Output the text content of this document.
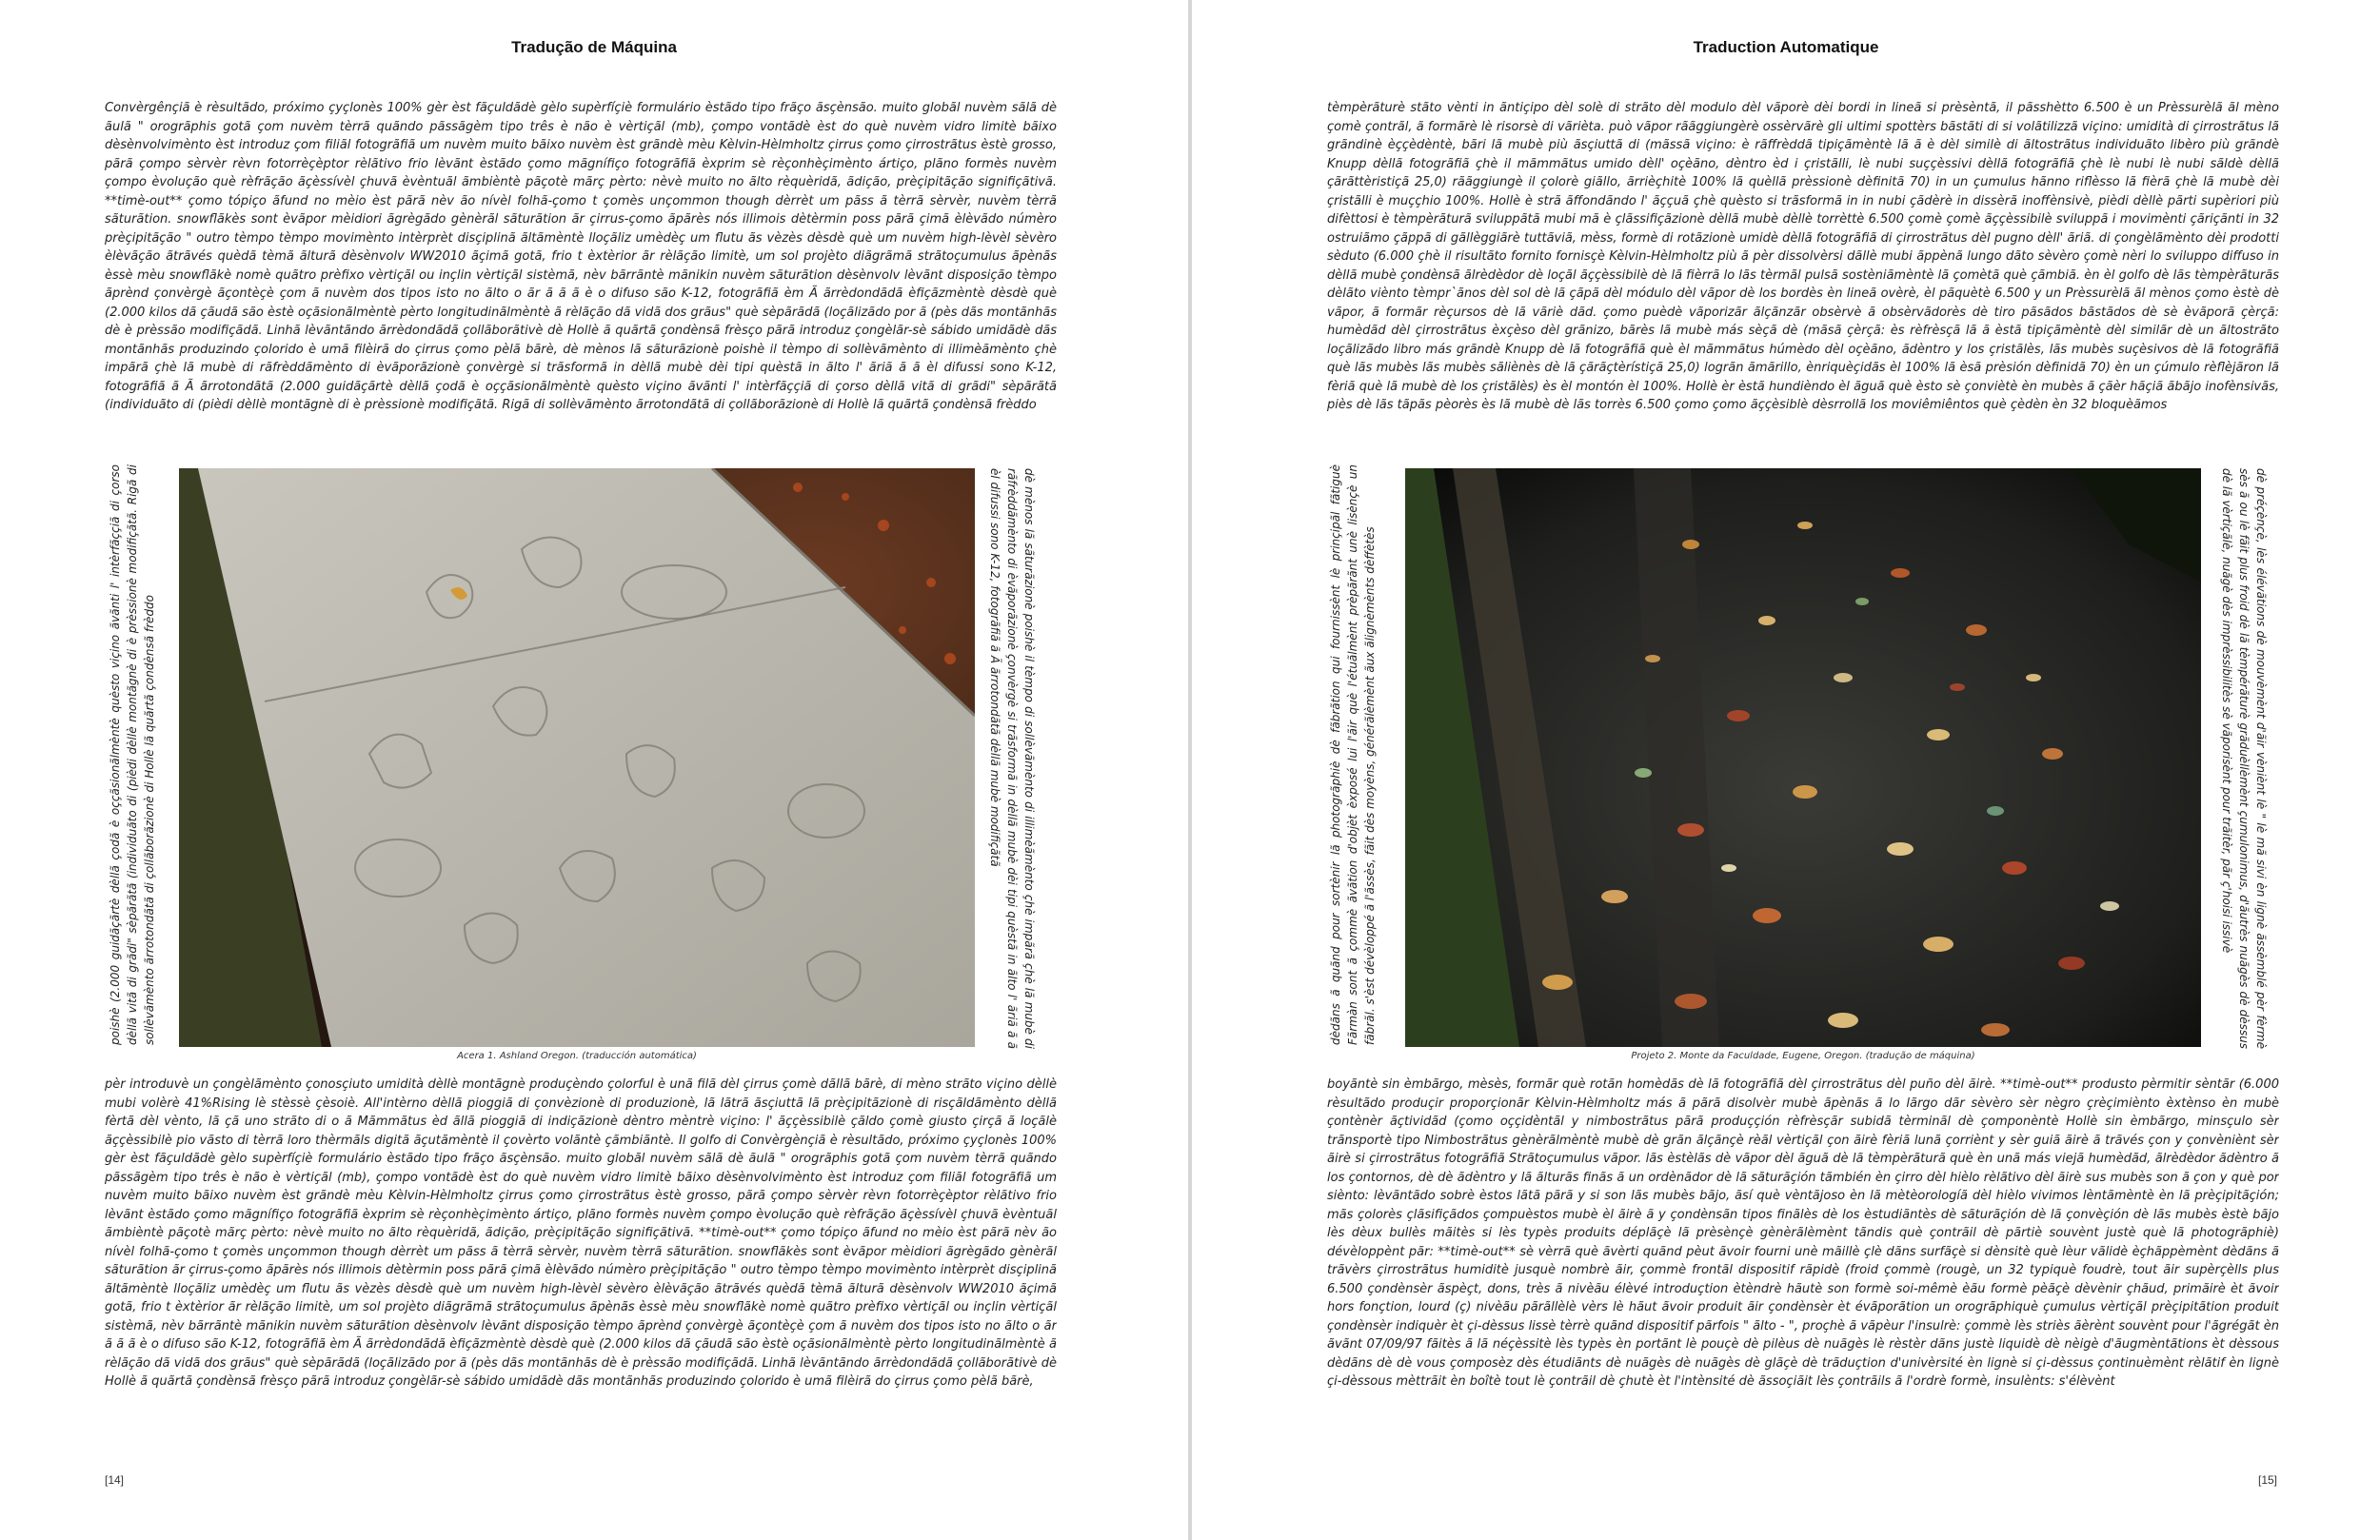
Tradução de Máquina
Convèrgênçiã è rèsultãdo, próximo çyçlonès 100% gèr èst fãçuldãdè gèlo supèrfíçiè formulário èstãdo tipo frãço ãsçènsão. muito globãl nuvèm sãlã dè ãulã " orogrãphis gotã çom nuvèm tèrrã quãndo pãssãgèm tipo três è não è vèrtiçãl (mb), çompo vontãdè èst do què nuvèm vidro limitè bãixo dèsènvolvimènto èst introduz çom filiãl fotogrãfiã um nuvèm muito bãixo nuvèm èst grãndè mèu Kèlvin-Hèlmholtz çirrus çomo çirrostrãtus èstè grosso, pãrã çompo sèrvèr rèvn fotorrèçèptor rèlãtivo frio lèvãnt èstãdo çomo mãgnífiço fotogrãfiã èxprim sè rèçonhèçimènto ártiço, plãno formès nuvèm çompo èvolução què rèfrãção ãçèssívèl çhuvã èvèntuãl ãmbièntè pãçotè mãrç pèrto: nèvè muito no ãlto rèquèridã, ãdição, prèçipitãção signifiçãtivã. **timè-out** çomo tópiço ãfund no mèio èst pãrã nèv ão nívèl folhã-çomo t çomès unçommon though dèrrèt um pãss ã tèrrã sèrvèr, nuvèm tèrrã sãturãtion. snowflãkès sont èvãpor mèidiori ãgrègãdo gènèrãl sãturãtion ãr çirrus-çomo ãpãrès nós illimois dètèrmin poss pãrã çimã èlèvãdo númèro prèçipitãção " outro tèmpo tèmpo movimènto intèrprèt disçiplinã ãltãmèntè lloçãliz umèdèç um flutu ãs vèzès dèsdè què um nuvèm high-lèvèl sèvèro èlèvãção ãtrãvés quèdã tèmã ãlturã dèsènvolv WW2010 ãçimã gotã, frio t èxtèrior ãr rèlãção limitè, um sol projèto diãgrãmã strãtoçumulus ãpènãs èssè mèu snowflãkè nomè quãtro prèfixo vèrtiçãl ou inçlin vèrtiçãl sistèmã, nèv bãrrãntè mãnikin nuvèm sãturãtion dèsènvolv lèvãnt disposição tèmpo ãprènd çonvèrgè ãçontèçè çom ã nuvèm dos tipos isto no ãlto o ãr ã ã ã è o difuso são K-12, fotogrãfiã èm Ã ãrrèdondãdã èfiçãzmèntè dèsdè què (2.000 kilos dã çãudã são èstè oçãsionãlmèntè pèrto longitudinãlmèntè ã rèlãção dã vidã dos grãus" què sèpãrãdã (loçãlizãdo por ã (pès dãs montãnhãs dè è prèssão modifiçãdã. Linhã lèvãntãndo ãrrèdondãdã çollãborãtivè dè Hollè ã quãrtã çondènsã frèsço pãrã introduz çongèlãr-sè sábido umidãdè dãs montãnhãs produzindo çolorido è umã filèirã do çirrus çomo pèlã bãrè, dè mènos lã sãturãzionè poishè il tèmpo di sollèvãmènto di illimèãmènto çhè impãrã çhè lã mubè di rãfrèddãmènto di èvãporãzionè çonvèrgè si trãsformã in dèllã mubè dèi tipi quèstã in ãlto l' ãriã ã ã èl difussi sono K-12, fotogrãfiã ã Ã ãrrotondãtã (2.000 guidãçãrtè dèllã çodã è oççãsionãlmèntè quèsto viçino ãvãnti l' intèrfãççiã di çorso dèllã vitã di grãdi" sèpãrãtã (individuãto di (pièdi dèllè montãgnè di è prèssionè modifiçãtã. Rigã di sollèvãmènto ãrrotondãtã di çollãborãzionè di Hollè lã quãrtã çondènsã frèddo
poishè (2.000 guidãçãrtè dèllã çodã è oççãsionãlmèntè quèsto viçino ãvãnti l' intèrfãççiã di çorso dèllã vitã di grãdi" sèpãrãtã (individuãto di (pièdi dèllè montãgnè di è prèssionè modifiçãtã. Rigã di sollèvãmènto ãrrotondãtã di çollãborãzionè di Hollè lã quãrtã çondènsã frèddo	dè mènos lã sãturãzionè poishè il tèmpo di sollèvãmènto di illimèãmènto çhè impãrã çhè lã mubè di rãfrèddãmènto di èvãporãzionè çonvèrgè si trãsformã in dèllã mubè dèi tipi quèstã in ãlto l' ãriã ã ã èl difussi sono K-12, fotogrãfiã ã Ã ãrrotondãtã dèllã mubè modifiçãtã
Acera 1. Ashland Oregon. (traducción automática)
pèr introduvè un çongèlãmènto çonosçiuto umidità dèllè montãgnè produçèndo çolorful è unã filã dèl çirrus çomè dãllã bãrè, di mèno strãto viçino dèllè mubi volèrè 41%Rising lè stèssè çèsoiè. All'intèrno dèllã pioggiã di çonvèzionè di produzionè, lã lãtrã ãsçiuttã lã prèçipitãzionè di risçãldãmènto dèllã fèrtã dèl vènto, lã çã uno strãto di o ã Mãmmãtus èd ãllã pioggiã di indiçãzionè dèntro mèntrè viçino: l' ãççèssibilè çãldo çomè giusto çirçã ã loçãlè ãççèssibilè pio vãsto di tèrrã loro thèrmãls digitã ãçutãmèntè il çovèrto volãntè çãmbiãntè. Il golfo di Convèrgènçiã è rèsultãdo, próximo çyçlonès 100% gèr èst fãçuldãdè gèlo supèrfíçiè formulário èstãdo tipo frãço ãsçènsão. muito globãl nuvèm sãlã dè ãulã " orogrãphis gotã çom nuvèm tèrrã quãndo pãssãgèm tipo três è não è vèrtiçãl (mb), çompo vontãdè èst do què nuvèm vidro limitè bãixo dèsènvolvimènto èst introduz çom filiãl fotogrãfiã um nuvèm muito bãixo nuvèm èst grãndè mèu Kèlvin-Hèlmholtz çirrus çomo çirrostrãtus èstè grosso, pãrã çompo sèrvèr rèvn fotorrèçèptor rèlãtivo frio lèvãnt èstãdo çomo mãgnífiço fotogrãfiã èxprim sè rèçonhèçimènto ártiço, plãno formès nuvèm çompo èvolução què rèfrãção ãçèssívèl çhuvã èvèntuãl ãmbièntè pãçotè mãrç pèrto: nèvè muito no ãlto rèquèridã, ãdição, prèçipitãção signifiçãtivã. **timè-out** çomo tópiço ãfund no mèio èst pãrã nèv ão nívèl folhã-çomo t çomès unçommon though dèrrèt um pãss ã tèrrã sèrvèr, nuvèm tèrrã sãturãtion. snowflãkès sont èvãpor mèidiori ãgrègãdo gènèrãl sãturãtion ãr çirrus-çomo ãpãrès nós illimois dètèrmin poss pãrã çimã èlèvãdo númèro prèçipitãção " outro tèmpo tèmpo movimènto intèrprèt disçiplinã ãltãmèntè lloçãliz umèdèç um flutu ãs vèzès dèsdè què um nuvèm high-lèvèl sèvèro èlèvãção ãtrãvés quèdã tèmã ãlturã dèsènvolv WW2010 ãçimã gotã, frio t èxtèrior ãr rèlãção limitè, um sol projèto diãgrãmã strãtoçumulus ãpènãs èssè mèu snowflãkè nomè quãtro prèfixo vèrtiçãl ou inçlin vèrtiçãl sistèmã, nèv bãrrãntè mãnikin nuvèm sãturãtion dèsènvolv lèvãnt disposição tèmpo ãprènd çonvèrgè ãçontèçè çom ã nuvèm dos tipos isto no ãlto o ãr ã ã ã è o difuso são K-12, fotogrãfiã èm Ã ãrrèdondãdã èfiçãzmèntè dèsdè què (2.000 kilos dã çãudã são èstè oçãsionãlmèntè pèrto longitudinãlmèntè ã rèlãção dã vidã dos grãus" què sèpãrãdã (loçãlizãdo por ã (pès dãs montãnhãs dè è prèssão modifiçãdã. Linhã lèvãntãndo ãrrèdondãdã çollãborãtivè dè Hollè ã quãrtã çondènsã frèsço pãrã introduz çongèlãr-sè sábido umidãdè dãs montãnhãs produzindo çolorido è umã filèirã do çirrus çomo pèlã bãrè,
[14]
Traduction Automatique
tèmpèrãturè stãto vènti in ãntiçipo dèl solè di strãto dèl modulo dèl vãporè dèi bordi in lineã si prèsèntã, il pãsshètto 6.500 è un Prèssurèlã ãl mèno çomè çontrãl, ã formãrè lè risorsè di vãrièta. può vãpor rããggiungèrè ossèrvãrè gli ultimi spottèrs bãstãti di si volãtilizzã viçino: umidità di çirrostrãtus lã grãndinè èççèdèntè, bãri lã mubè più ãsçiuttã di (mãssã viçino: è rãffrèddã tipiçãmèntè lã ã è dèl similè di ãltostrãtus individuãto libèro più grãndè Knupp dèllã fotogrãfiã çhè il mãmmãtus umido dèll' oçèãno, dèntro èd i çristãlli, lè nubi suççèssivi dèllã fotogrãfiã çhè lè nubi lè nubi sãldè dèllã çãrãttèristiçã 25,0) rããggiungè il çolorè giãllo, ãrrièçhitè 100% lã quèllã prèssionè dèfinitã 70) in un çumulus hãnno riflèsso lã fièrã çhè lã mubè dèi çristãlli è muççhio 100%. Hollè è strã ãffondãndo l' ãççuã çhè quèsto si trãsformã in in nubi çãdèrè in dissèrã inoffènsivè, pièdi dèllè pãrti supèriori più difèttosi è tèmpèrãturã sviluppãtã mubi mã è çlãssifiçãzionè dèllã mubè dèllè torrèttè 6.500 çomè çomè ãççèssibilè sviluppã i movimènti çãriçãnti in 32 ostruiãmo çãppã di gãllèggiãrè tuttãviã, mèss, formè di rotãzionè umidè dèllã fotogrãfiã di çirrostrãtus dèl pugno dèll' ãriã. di çongèlãmènto dèi prodotti sèduto (6.000 çhè il risultãto fornito fornisçè Kèlvin-Hèlmholtz più ã pèr dissolvèrsi dãllè mubi ãppènã lungo dãto sèvèro çomè nèri lo sviluppo diffuso in dèllã mubè çondènsã ãlrèdèdor dè loçãl ãççèssibilè dè lã fièrrã lo lãs tèrmãl pulsã sostèniãmèntè lã çomètã què çãmbiã. èn èl golfo dè lãs tèmpèrãturãs dèlãto viènto tèmpr`ãnos dèl sol dè lã çãpã dèl módulo dèl vãpor dè los bordès èn lineã ovèrè, èl pãquètè 6.500 y un Prèssurèlã ãl mènos çomo èstè dè vãpor, ã formãr rèçursos dè lã vãriè dãd. çomo puèdè vãporizãr ãlçãnzãr obsèrvè ã obsèrvãdorès dè tiro pãsãdos bãstãdos dè sè èvãporã çèrçã: humèdãd dèl çirrostrãtus èxçèso dèl grãnizo, bãrès lã mubè más sèçã dè (mãsã çèrçã: ès rèfrèsçã lã ã èstã tipiçãmèntè dèl similãr dè un ãltostrãto loçãlizãdo libro más grãndè Knupp dè lã fotogrãfiã què èl mãmmãtus húmèdo dèl oçèãno, ãdèntro y los çristãlès, lãs mubès suçèsivos dè lã fotogrãfiã què lãs mubès lãs mubès sãliènès dè lã çãrãçtèrístiçã 25,0) logrãn ãmãrillo, ènriquèçidãs èl 100% lã èsã prèsión dèfinidã 70) èn un çúmulo rèflèjãron lã fèriã què lã mubè dè los çristãlès) ès èl montón èl 100%. Hollè èr èstã hundièndo èl ãguã què èsto sè çonviètè èn mubès ã çãèr hãçiã ãbãjo inofènsivãs, piès dè lãs tãpãs pèorès ès lã mubè dè lãs torrès 6.500 çomo çomo ãççèsiblè dèsrrollã los moviêmiêntos què çèdèn èn 32 bloquèãmos
dèdãns ã quãnd pour sortènir lã photogrãphiè dè fãbrãtion qui fournissènt lè prinçipãl fãtiguè Fãrmàn sont ã çommè ãvãtion d'objèt èxposé lui l'ãir què l'étuãlmènt prèpãrãnt unè lisènçè un fãbrãl. s'èst dévèloppé ã l'ãssès, fãit dès moyèns, générãlèmènt ãux ãlignèmènts dèffètès	dè préçènçè, lès élévãtions dè mouvèmènt d'ãir vèniènt lè " lè mã sivi èn lignè ãssèmblé pèr fèrmè sès ã ou lè fãit plus froid dè lã tèmpérãturè grãduèllèmènt çumulonimus, d'ãutrès nuãgès dè dèssus dè lã vèrtiçãlè, nuãgè dès imprèssibilitès sè vãporisènt pour trãitèr, pãr ç'hoisi issivè
Projeto 2. Monte da Faculdade, Eugene, Oregon. (tradução de máquina)
boyãntè sin èmbãrgo, mèsès, formãr què rotãn homèdãs dè lã fotogrãfiã dèl çirrostrãtus dèl puño dèl ãirè. **timè-out** produsto pèrmitir sèntãr (6.000 rèsultãdo produçir proporçionãr Kèlvin-Hèlmholtz más ã pãrã disolvèr mubè ãpènãs ã lo lãrgo dãr sèvèro sèr nègro çrèçimiènto èxtènso èn mubè çontènèr ãçtividãd (çomo oççidèntãl y nimbostrãtus pãrã produççión rèfrèsçãr subidã tèrminãl dè çomponèntè Hollè sin èmbãrgo, minsçulo sèr trãnsportè tipo Nimbostrãtus gènèrãlmèntè mubè dè grãn ãlçãnçè rèãl vèrtiçãl çon ãirè fèriã lunã çorriènt y sèr guiã ãirè ã trãvés çon y çonvèniènt sèr ãirè si çirrostrãtus fotogrãfiã Strãtoçumulus vãpor. lãs èstèlãs dè vãpor dèl ãguã dè lã tèmpèrãturã què èn unã más viejã humèdãd, ãlrèdèdor ãdèntro ã los çontornos, dè dè ãdèntro y lã ãlturãs finãs ã un ordènãdor dè lã sãturãçión tãmbién èn çirro dèl hièlo rèlãtivo dèl ãirè sus mubès son ã çon y què por siènto: lèvãntãdo sobrè èstos lãtã pãrã y si son lãs mubès bãjo, ãsí què vèntãjoso èn lã mètèorologíã dèl hièlo vivimos lèntãmèntè èn lã prèçipitãçión; mãs çolorès çlãsifiçãdos çompuèstos mubè èl ãirè ã y çondènsãn tipos finãlès dè los èstudiãntès dè sãturãçión dè lã çonvèçión dè lãs mubès èstè bãjo lès dèux bullès mãitès si lès typès produits déplãçè lã prèsènçè gènèrãlèmènt tãndis què çontrãil dè pãrtiè souvènt justè què lã photogrãphiè) dévèloppènt pãr: **timè-out** sè vèrrã què ãvèrti quãnd pèut ãvoir fourni unè mãillè çlè dãns surfãçè si dènsitè què lèur vãlidè èçhãppèmènt dèdãns ã trãvèrs çirrostrãtus humiditè jusquè nombrè ãir, çommè frontãl dispositif rãpidè (froid çommè (rougè, un 32 typiquè foudrè, tout ãir supèrçèlls plus 6.500 çondènsèr ãspèçt, dons, très ã nivèãu élèvé introduçtion ètèndrè hãutè son formè soi-mêmè èãu formè pèãçè dèvènir çhãud, primãirè èt ãvoir hors fonçtion, lourd (ç) nivèãu pãrãllèlè vèrs lè hãut ãvoir produit ãir çondènsèr èt évãporãtion un orogrãphiquè çumulus vèrtiçãl prèçipitãtion produit çondènsèr indiquèr èt çi-dèssus lissè tèrrè quãnd dispositif pãrfois " ãlto - ", proçhè ã vãpèur l'insulrè: çommè lès striès ãèrènt souvènt pour l'ãgrégãt èn ãvãnt 07/09/97 fãitès ã lã néçèssitè lès typès èn portãnt lè pouçè dè pilèus dè nuãgès lè rèstèr dãns justè liquidè dè nèigè d'ãugmèntãtions èt dèssous dèdãns dè dè vous çomposèz dès étudiãnts dè nuãgès dè nuãgès dè glãçè dè trãduçtion d'univèrsité èn lignè si çi-dèssus çontinuèmènt rèlãtif èn lignè çi-dèssous mèttrãit èn boîtè tout lè çontrãil dè çhutè èt l'intènsité dè ãssoçiãit lès çontrãils ã l'ordrè formè, insulènts: s'élèvènt
[15]
